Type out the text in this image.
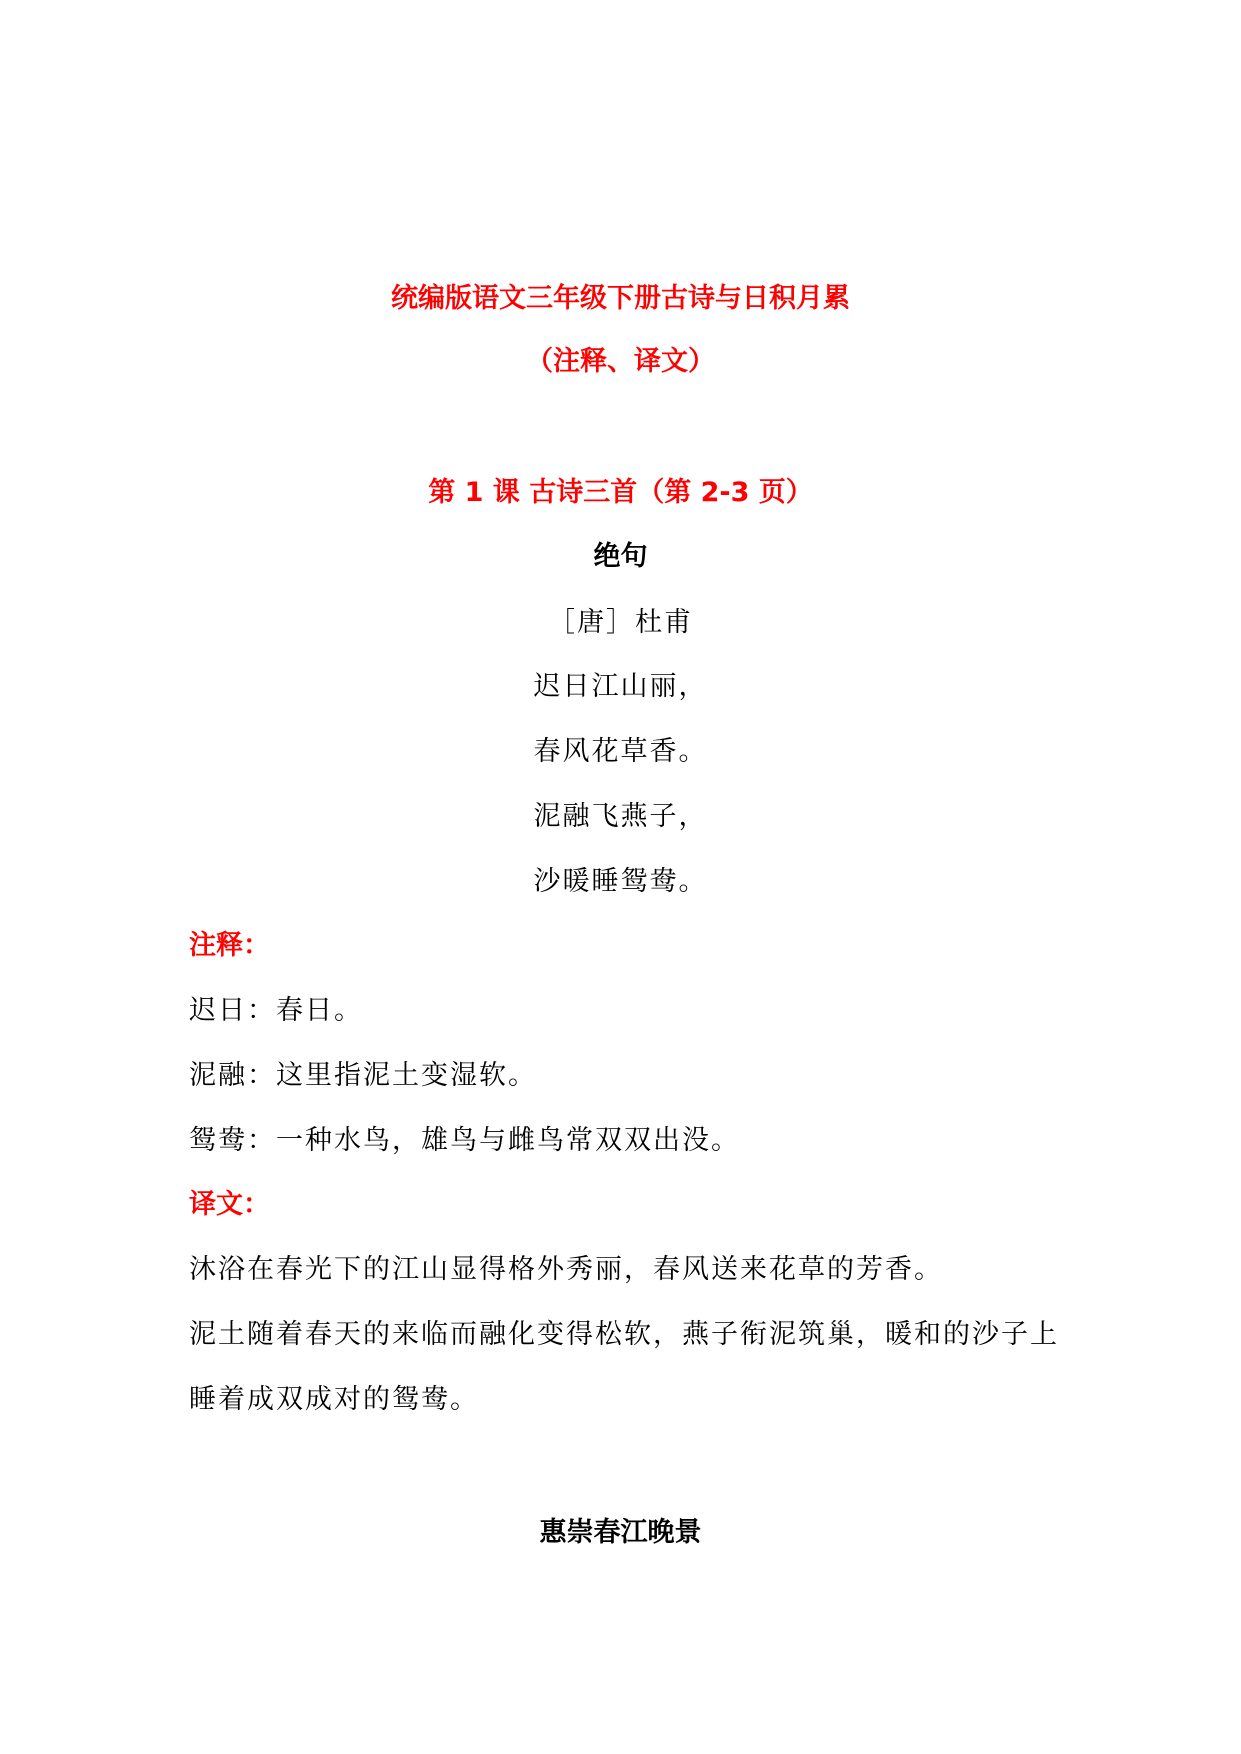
统编版语文三年级下册古诗与日积月累
（注释、译文）
第 1 课 古诗三首（第 2-3 页）
绝句
［唐］杜甫
迟日江山丽，
春风花草香。
泥融飞燕子，
沙暖睡鸳鸯。
注释：
迟日：春日。
泥融：这里指泥土变湿软。
鸳鸯：一种水鸟，雄鸟与雌鸟常双双出没。
译文：
沐浴在春光下的江山显得格外秀丽，春风送来花草的芳香。
泥土随着春天的来临而融化变得松软，燕子衔泥筑巢，暖和的沙子上
睡着成双成对的鸳鸯。
惠崇春江晚景
